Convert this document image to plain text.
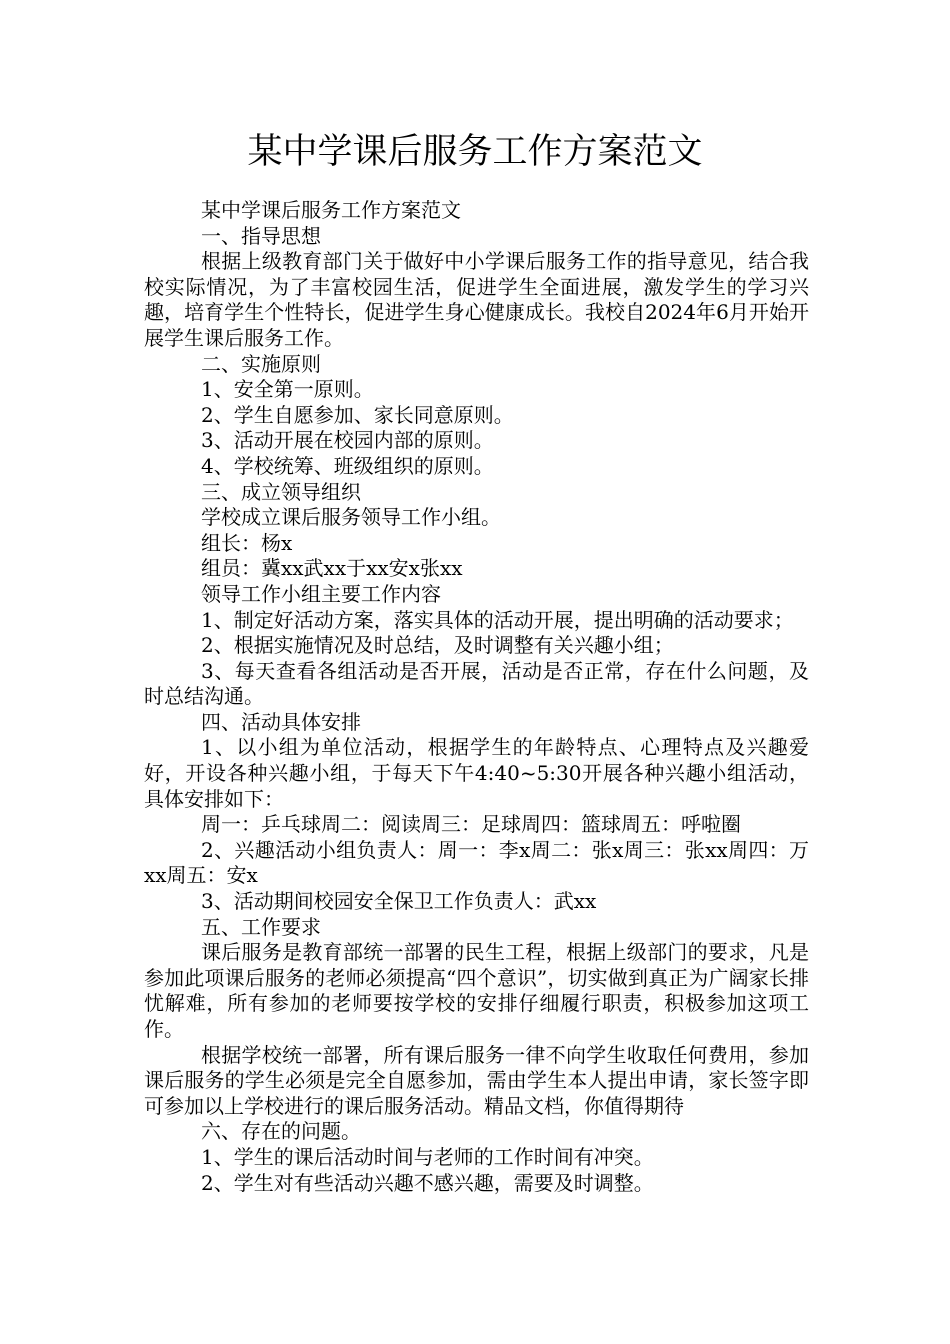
某中学课后服务工作方案范文

某中学课后服务工作方案范文

一、指导思想

根据上级教育部门关于做好中小学课后服务工作的指导意见，结合我校实际情况，为了丰富校园生活，促进学生全面进展，激发学生的学习兴趣，培育学生个性特长，促进学生身心健康成长。我校自2024年6月开始开展学生课后服务工作。

二、实施原则

1、安全第一原则。

2、学生自愿参加、家长同意原则。

3、活动开展在校园内部的原则。

4、学校统筹、班级组织的原则。

三、成立领导组织

学校成立课后服务领导工作小组。

组长：杨x

组员：冀xx武xx于xx安x张xx

领导工作小组主要工作内容

1、制定好活动方案，落实具体的活动开展，提出明确的活动要求；

2、根据实施情况及时总结，及时调整有关兴趣小组；

3、每天查看各组活动是否开展，活动是否正常，存在什么问题，及时总结沟通。

四、活动具体安排

1、以小组为单位活动，根据学生的年龄特点、心理特点及兴趣爱好，开设各种兴趣小组，于每天下午4:40~5:30开展各种兴趣小组活动，具体安排如下：

周一：乒乓球周二：阅读周三：足球周四：篮球周五：呼啦圈

2、兴趣活动小组负责人：周一：李x周二：张x周三：张xx周四：万xx周五：安x

3、活动期间校园安全保卫工作负责人：武xx

五、工作要求

课后服务是教育部统一部署的民生工程，根据上级部门的要求，凡是参加此项课后服务的老师必须提高“四个意识”，切实做到真正为广阔家长排忧解难，所有参加的老师要按学校的安排仔细履行职责，积极参加这项工作。

根据学校统一部署，所有课后服务一律不向学生收取任何费用，参加课后服务的学生必须是完全自愿参加，需由学生本人提出申请，家长签字即可参加以上学校进行的课后服务活动。精品文档，你值得期待

六、存在的问题。

1、学生的课后活动时间与老师的工作时间有冲突。

2、学生对有些活动兴趣不感兴趣，需要及时调整。
